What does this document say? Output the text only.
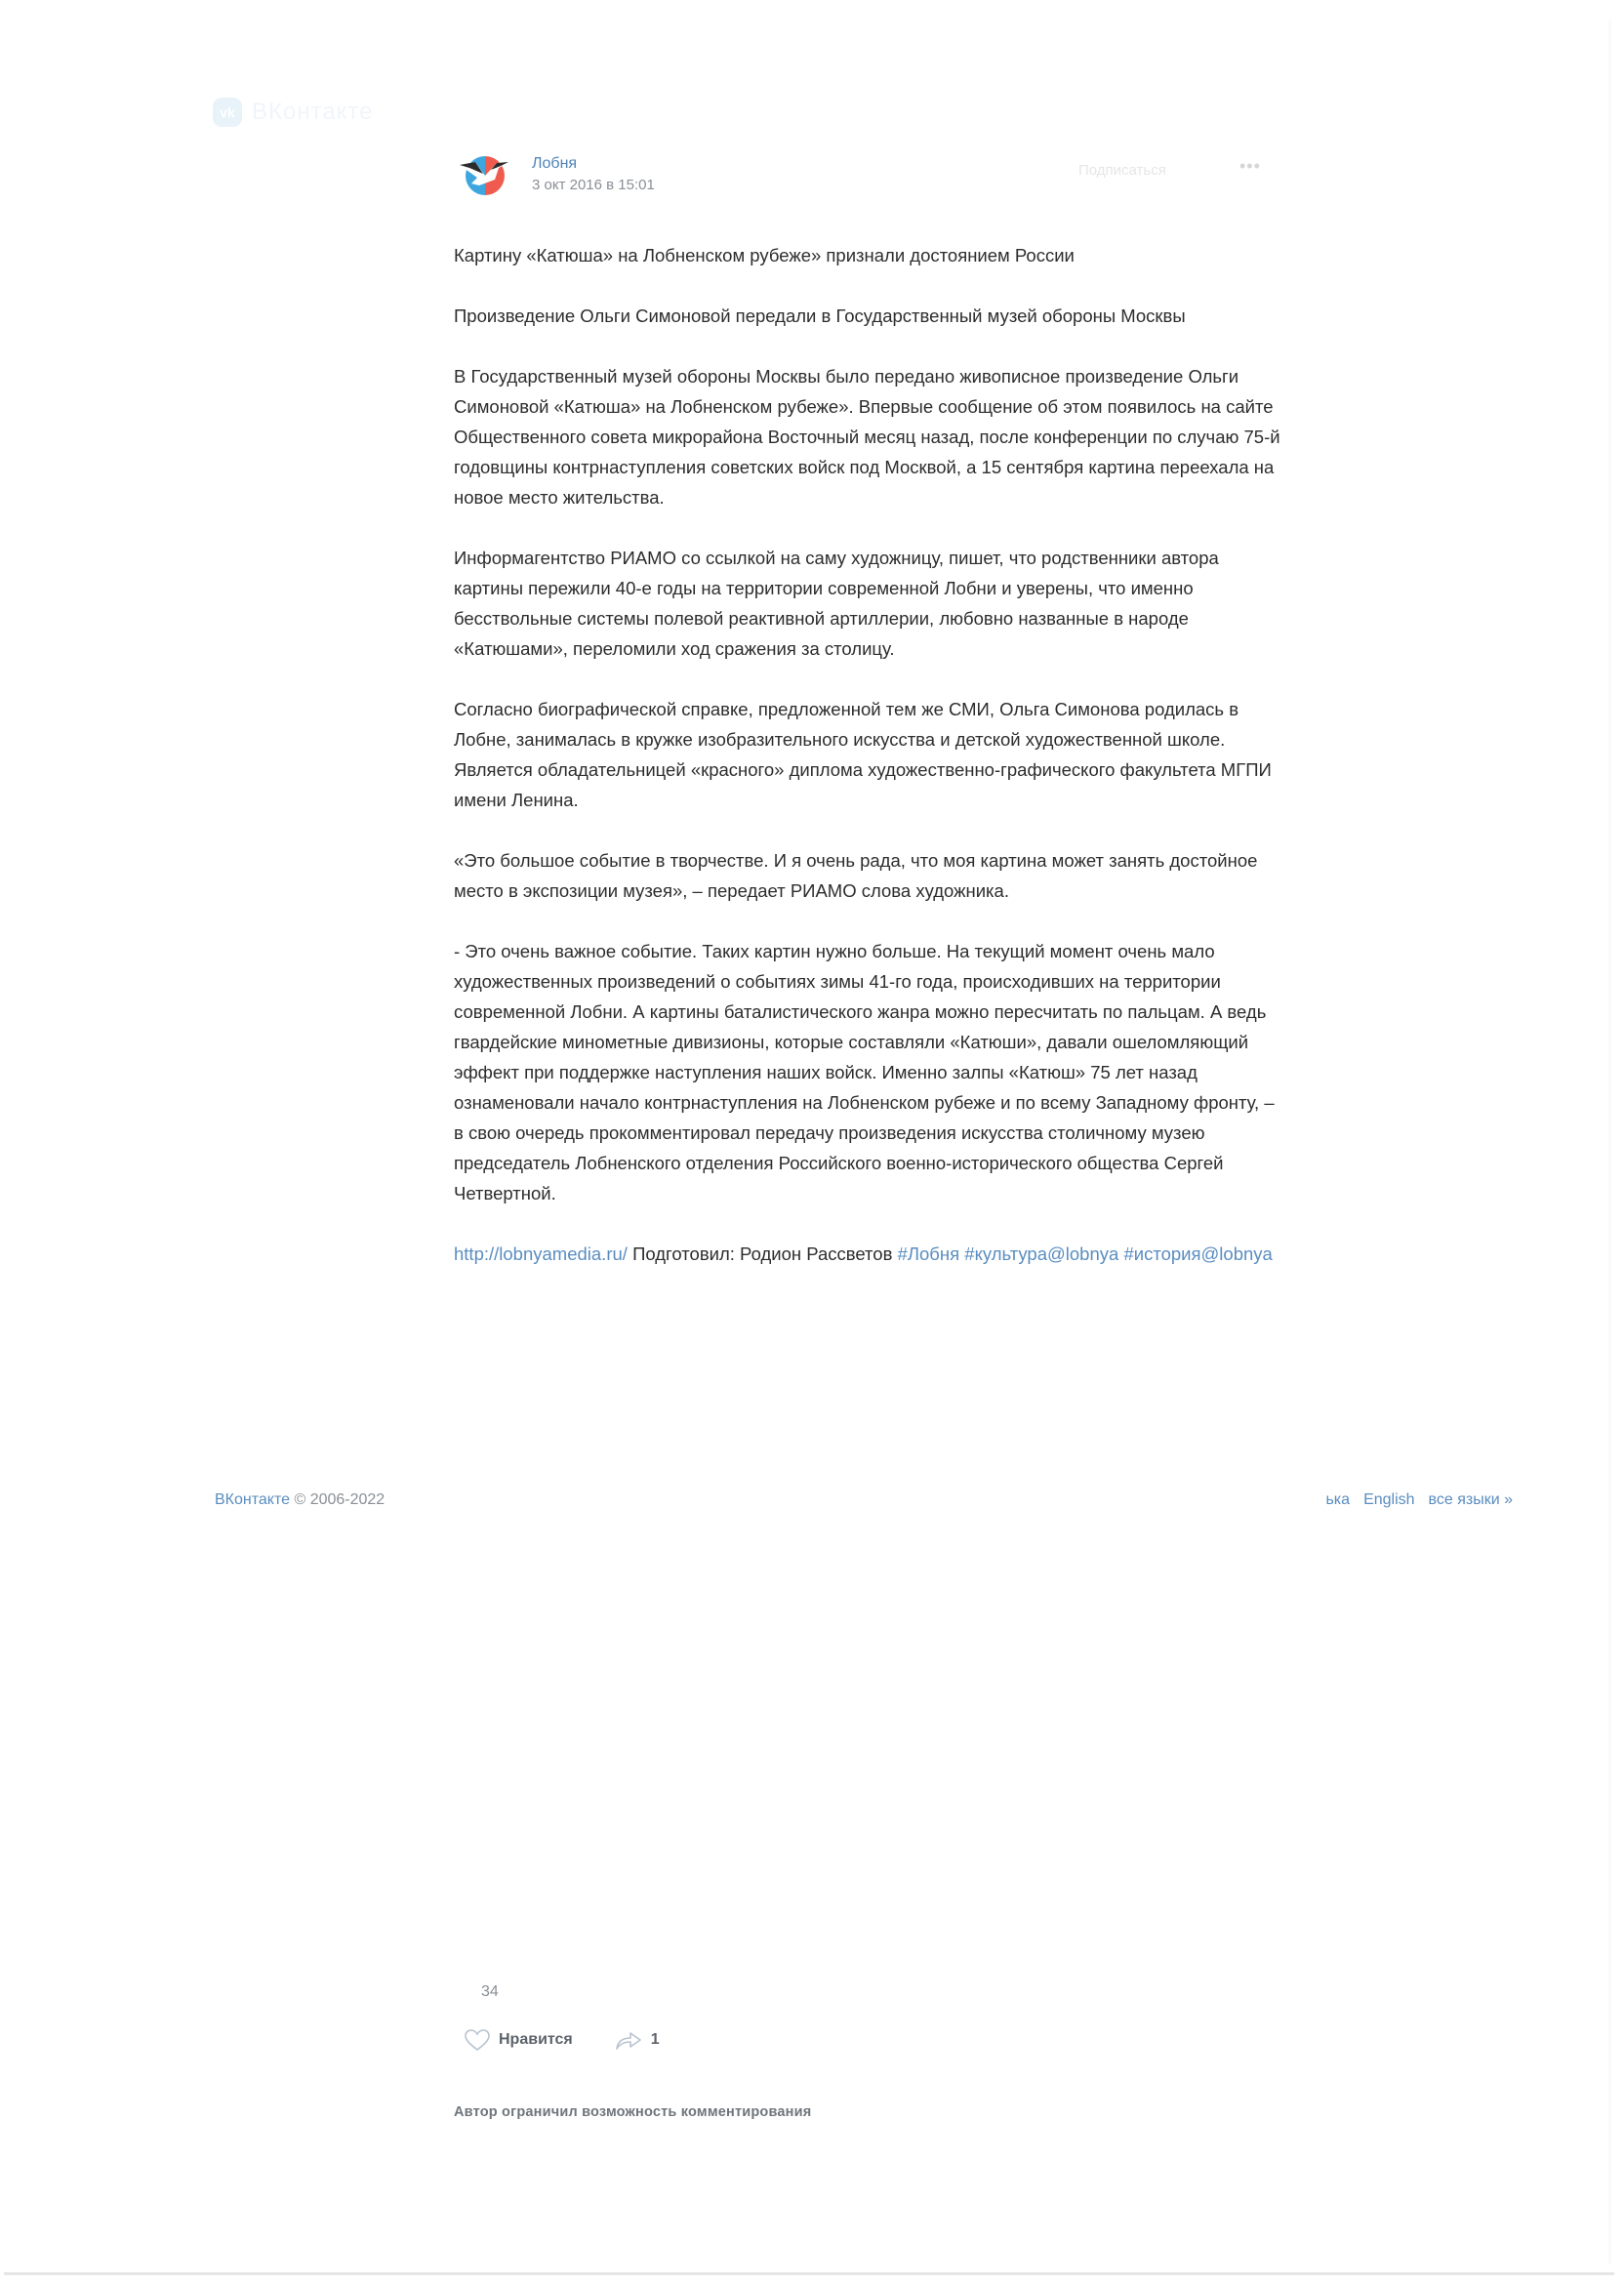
vk ВКонтакте
Лобня
3 окт 2016 в 15:01
Подписаться	•••

Картину «Катюша» на Лобненском рубеже» признали достоянием России

Произведение Ольги Симоновой передали в Государственный музей обороны Москвы

В Государственный музей обороны Москвы было передано живописное произведение Ольги Симоновой «Катюша» на Лобненском рубеже». Впервые сообщение об этом появилось на сайте Общественного совета микрорайона Восточный месяц назад, после конференции по случаю 75-й годовщины контрнаступления советских войск под Москвой, а 15 сентября картина переехала на новое место жительства.

Информагентство РИАМО со ссылкой на саму художницу, пишет, что родственники автора картины пережили 40-е годы на территории современной Лобни и уверены, что именно бесствольные системы полевой реактивной артиллерии, любовно названные в народе «Катюшами», переломили ход сражения за столицу.

Согласно биографической справке, предложенной тем же СМИ, Ольга Симонова родилась в Лобне, занималась в кружке изобразительного искусства и детской художественной школе. Является обладательницей «красного» диплома художественно-графического факультета МГПИ имени Ленина.

«Это большое событие в творчестве. И я очень рада, что моя картина может занять достойное место в экспозиции музея», – передает РИАМО слова художника.

- Это очень важное событие. Таких картин нужно больше. На текущий момент очень мало художественных произведений о событиях зимы 41-го года, происходивших на территории современной Лобни. А картины баталистического жанра можно пересчитать по пальцам. А ведь гвардейские минометные дивизионы, которые составляли «Катюши», давали ошеломляющий эффект при поддержке наступления наших войск. Именно залпы «Катюш» 75 лет назад ознаменовали начало контрнаступления на Лобненском рубеже и по всему Западному фронту, – в свою очередь прокомментировал передачу произведения искусства столичному музею председатель Лобненского отделения Российского военно-исторического общества Сергей Четвертной.

http://lobnyamedia.ru/ Подготовил: Родион Рассветов #Лобня #культура@lobnya #история@lobnya

ВКонтакте © 2006-2022	ька English все языки »
34
Нравится	1
Автор ограничил возможность комментирования
